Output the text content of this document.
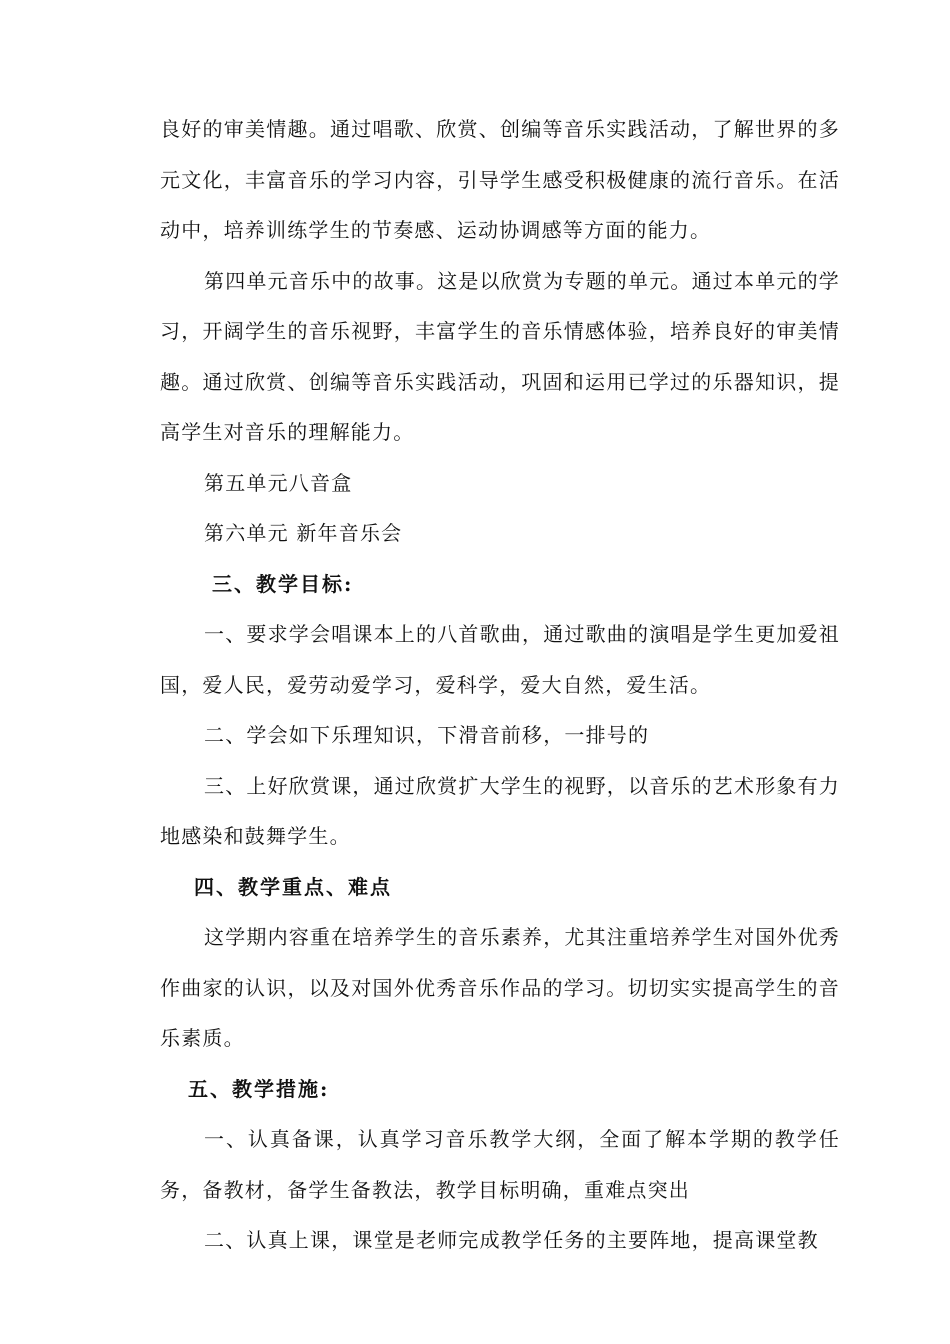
良好的审美情趣。通过唱歌、欣赏、创编等音乐实践活动，了解世界的多元文化，丰富音乐的学习内容，引导学生感受积极健康的流行音乐。在活动中，培养训练学生的节奏感、运动协调感等方面的能力。

第四单元音乐中的故事。这是以欣赏为专题的单元。通过本单元的学习，开阔学生的音乐视野，丰富学生的音乐情感体验，培养良好的审美情趣。通过欣赏、创编等音乐实践活动，巩固和运用已学过的乐器知识，提高学生对音乐的理解能力。

第五单元八音盒

第六单元 新年音乐会

三、教学目标:

一、要求学会唱课本上的八首歌曲，通过歌曲的演唱是学生更加爱祖国，爱人民，爱劳动爱学习，爱科学，爱大自然，爱生活。

二、学会如下乐理知识，下滑音前移，一排号的

三、上好欣赏课，通过欣赏扩大学生的视野，以音乐的艺术形象有力地感染和鼓舞学生。

四、教学重点、难点

这学期内容重在培养学生的音乐素养，尤其注重培养学生对国外优秀作曲家的认识，以及对国外优秀音乐作品的学习。切切实实提高学生的音乐素质。

五、教学措施:

一、认真备课，认真学习音乐教学大纲，全面了解本学期的教学任务，备教材，备学生备教法，教学目标明确，重难点突出

二、认真上课，课堂是老师完成教学任务的主要阵地，提高课堂教
